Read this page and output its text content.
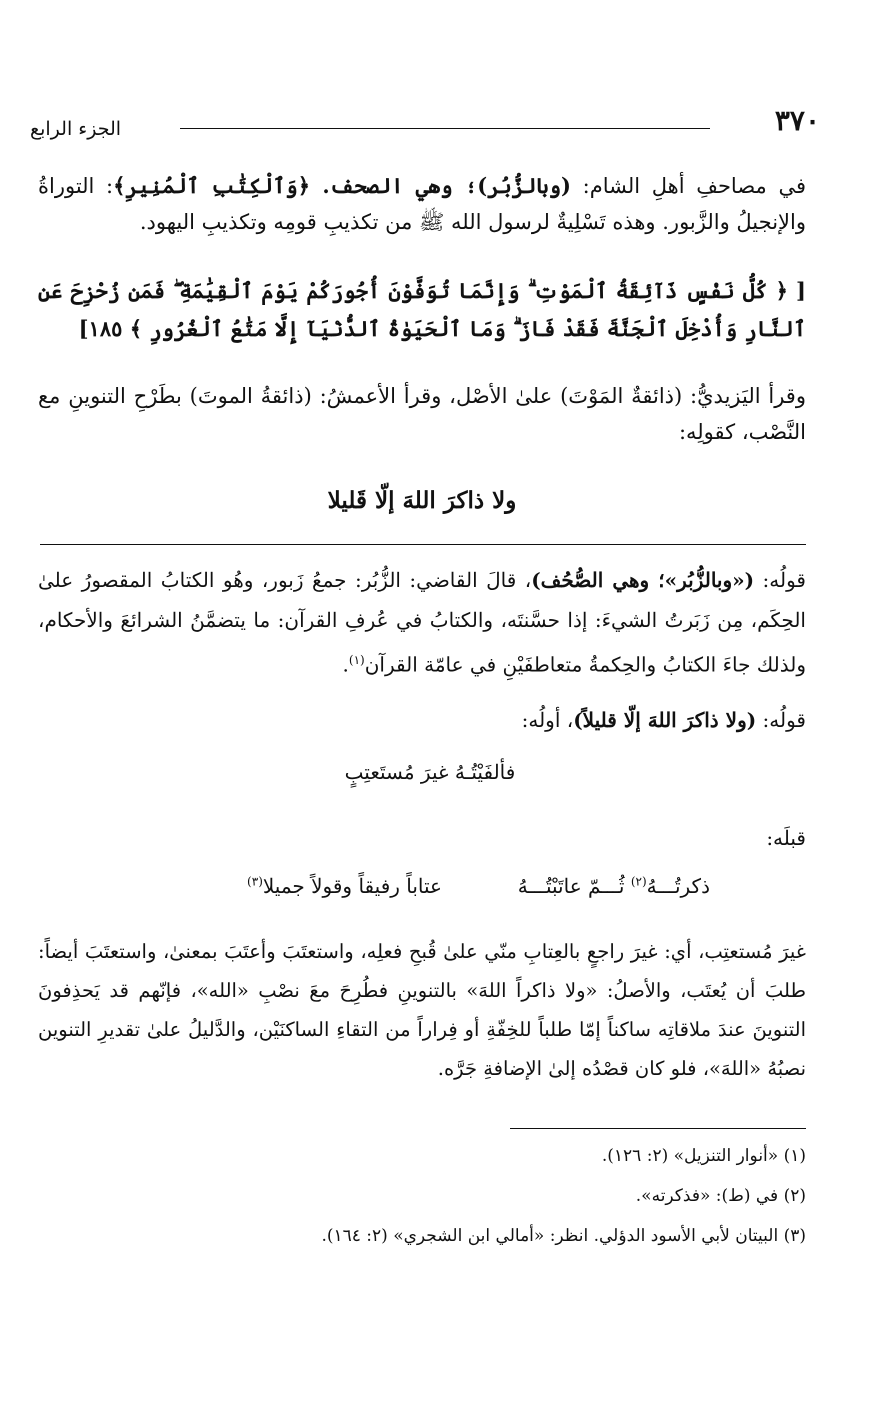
٣٧٠
الجزء الرابع
في مصاحفِ أهلِ الشام: (وبالزُّبُر)؛ وهي الصحف. ﴿وَٱلْكِتَٰبِ ٱلْمُنِيرِ﴾: التوراةُ والإنجيلُ والزَّبور. وهذه تَسْلِيةٌ لرسول الله ﷺ من تكذيبِ قومِه وتكذيبِ اليهود.
[ ﴿ كُلُّ نَفْسٍ ذَآئِقَةُ ٱلْمَوْتِ ۗ وَإِنَّمَا تُوَفَّوْنَ أُجُورَكُمْ يَوْمَ ٱلْقِيَٰمَةِ ۖ فَمَن زُحْزِحَ عَنِ ٱلنَّارِ وَأُدْخِلَ ٱلْجَنَّةَ فَقَدْ فَازَ ۗ وَمَا ٱلْحَيَوٰةُ ٱلدُّنْيَآ إِلَّا مَتَٰعُ ٱلْغُرُورِ ﴾ ١٨٥]
وقرأ اليَزيديُّ: (ذائقةٌ المَوْتَ) علىٰ الأصْل، وقرأ الأعمشُ: (ذائقةُ الموتَ) بطَرْحِ التنوينِ مع النَّصْب، كقولِه:
ولا ذاكرَ اللهَ إلّا قَليلا
قولُه: («وبالزُّبُر»؛ وهي الصُّحُف)، قالَ القاضي: الزُّبُر: جمعُ زَبور، وهُو الكتابُ المقصورُ علىٰ الحِكَم، مِن زَبَرتُ الشيءَ: إذا حسَّنتَه، والكتابُ في عُرفِ القرآن: ما يتضمَّنُ الشرائعَ والأحكام، ولذلك جاءَ الكتابُ والحِكمةُ متعاطفَيْنِ في عامّة القرآن$^{(١)}$.
قولُه: (ولا ذاكرَ اللهَ إلّا قليلاً)، أولُه:
فألفَيْتُـهُ غيرَ مُستَعتِبٍ
قبلَه:
ذكرتُـــهُ$^{(٢)}$ ثُـــمّ عاتَبْتُـــهُ
عتاباً رفيقاً وقولاً جميلا$^{(٣)}$
غيرَ مُستعتِب، أي: غيرَ راجعٍ بالعِتابِ منّي علىٰ قُبحِ فعلِه، واستعتَبَ وأعتَبَ بمعنىٰ، واستعتَبَ أيضاً: طلبَ أن يُعتَب، والأصلُ: «ولا ذاكراً اللهَ» بالتنوينِ فطُرِحَ معَ نصْبِ «الله»، فإنّهم قد يَحذِفونَ التنوينَ عندَ ملاقاتِه ساكناً إمّا طلباً للخِفّةِ أو فِراراً من التقاءِ الساكنَيْن، والدَّليلُ علىٰ تقديرِ التنوين نصبُهُ «اللهَ»، فلو كان قصْدُه إلىٰ الإضافةِ جَرَّه.
(١) «أنوار التنزيل» (٢: ١٢٦).
(٢) في (ط): «فذكرته».
(٣) البيتان لأبي الأسود الدؤلي. انظر: «أمالي ابن الشجري» (٢: ١٦٤).
